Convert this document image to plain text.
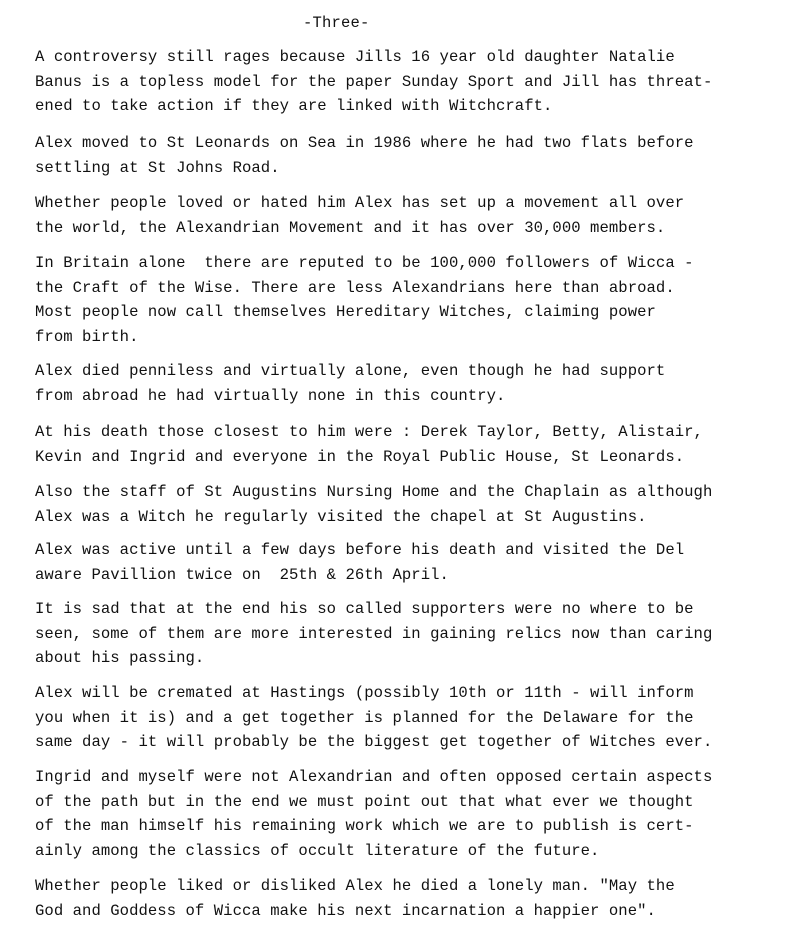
-Three-
A controversy still rages because Jills 16 year old daughter Natalie
Banus is a topless model for the paper Sunday Sport and Jill has threat-
ened to take action if they are linked with Witchcraft.
Alex moved to St Leonards on Sea in 1986 where he had two flats before
settling at St Johns Road.
Whether people loved or hated him Alex has set up a movement all over
the world, the Alexandrian Movement and it has over 30,000 members.
In Britain alone  there are reputed to be 100,000 followers of Wicca -
the Craft of the Wise. There are less Alexandrians here than abroad.
Most people now call themselves Hereditary Witches, claiming power
from birth.
Alex died penniless and virtually alone, even though he had support
from abroad he had virtually none in this country.
At his death those closest to him were : Derek Taylor, Betty, Alistair,
Kevin and Ingrid and everyone in the Royal Public House, St Leonards.
Also the staff of St Augustins Nursing Home and the Chaplain as although
Alex was a Witch he regularly visited the chapel at St Augustins.
Alex was active until a few days before his death and visited the Del
aware Pavillion twice on  25th & 26th April.
It is sad that at the end his so called supporters were no where to be
seen, some of them are more interested in gaining relics now than caring
about his passing.
Alex will be cremated at Hastings (possibly 10th or 11th - will inform
you when it is) and a get together is planned for the Delaware for the
same day - it will probably be the biggest get together of Witches ever.
Ingrid and myself were not Alexandrian and often opposed certain aspects
of the path but in the end we must point out that what ever we thought
of the man himself his remaining work which we are to publish is cert-
ainly among the classics of occult literature of the future.
Whether people liked or disliked Alex he died a lonely man. "May the
God and Goddess of Wicca make his next incarnation a happier one".
